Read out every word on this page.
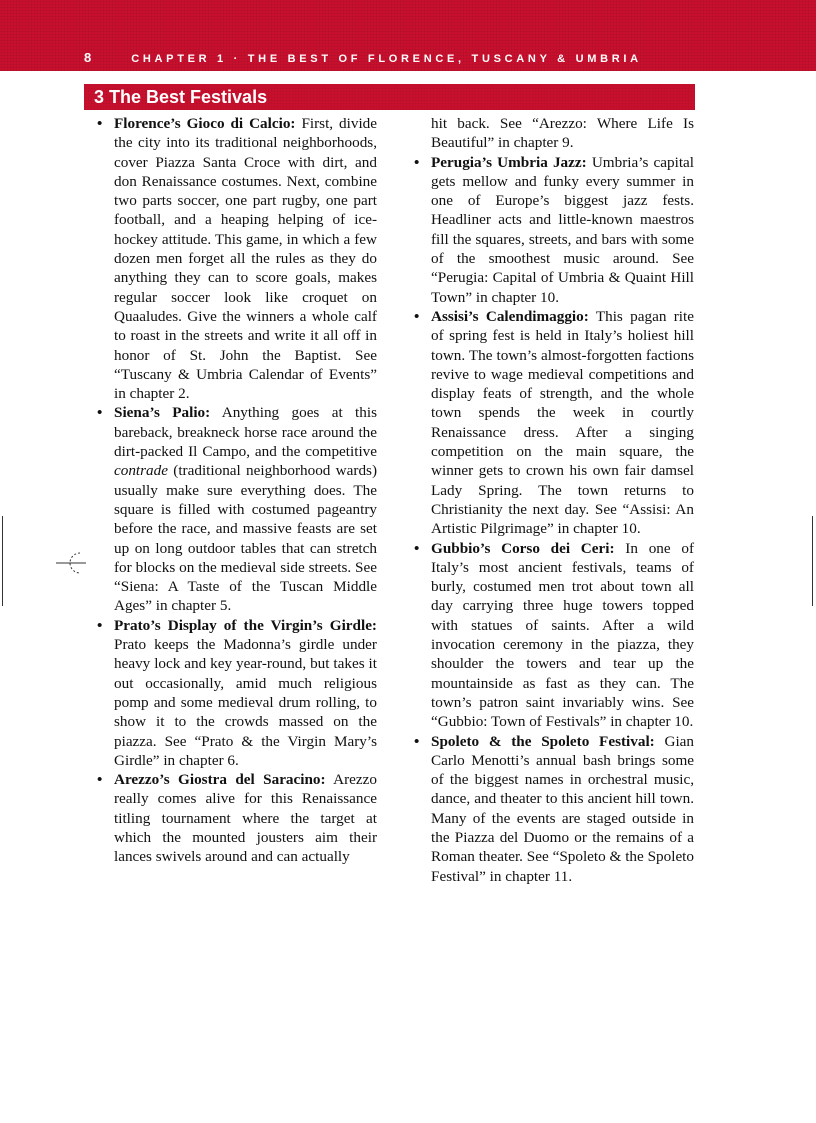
8	CHAPTER 1 · THE BEST OF FLORENCE, TUSCANY & UMBRIA
3 The Best Festivals
• Florence’s Gioco di Calcio: First, divide the city into its traditional neighborhoods, cover Piazza Santa Croce with dirt, and don Renaissance costumes. Next, combine two parts soccer, one part rugby, one part football, and a heaping helping of ice-hockey attitude. This game, in which a few dozen men forget all the rules as they do anything they can to score goals, makes regular soccer look like croquet on Quaaludes. Give the winners a whole calf to roast in the streets and write it all off in honor of St. John the Baptist. See “Tuscany & Umbria Calendar of Events” in chapter 2.
• Siena’s Palio: Anything goes at this bareback, breakneck horse race around the dirt-packed Il Campo, and the competitive contrade (traditional neighborhood wards) usually make sure everything does. The square is filled with costumed pageantry before the race, and massive feasts are set up on long outdoor tables that can stretch for blocks on the medieval side streets. See “Siena: A Taste of the Tuscan Middle Ages” in chapter 5.
• Prato’s Display of the Virgin’s Girdle: Prato keeps the Madonna’s girdle under heavy lock and key year-round, but takes it out occasionally, amid much religious pomp and some medieval drum rolling, to show it to the crowds massed on the piazza. See “Prato & the Virgin Mary’s Girdle” in chapter 6.
• Arezzo’s Giostra del Saracino: Arezzo really comes alive for this Renaissance titling tournament where the target at which the mounted jousters aim their lances swivels around and can actually
hit back. See “Arezzo: Where Life Is Beautiful” in chapter 9.
• Perugia’s Umbria Jazz: Umbria’s capital gets mellow and funky every summer in one of Europe’s biggest jazz fests. Headliner acts and little-known maestros fill the squares, streets, and bars with some of the smoothest music around. See “Perugia: Capital of Umbria & Quaint Hill Town” in chapter 10.
• Assisi’s Calendimaggio: This pagan rite of spring fest is held in Italy’s holiest hill town. The town’s almost-forgotten factions revive to wage medieval competitions and display feats of strength, and the whole town spends the week in courtly Renaissance dress. After a singing competition on the main square, the winner gets to crown his own fair damsel Lady Spring. The town returns to Christianity the next day. See “Assisi: An Artistic Pilgrimage” in chapter 10.
• Gubbio’s Corso dei Ceri: In one of Italy’s most ancient festivals, teams of burly, costumed men trot about town all day carrying three huge towers topped with statues of saints. After a wild invocation ceremony in the piazza, they shoulder the towers and tear up the mountainside as fast as they can. The town’s patron saint invariably wins. See “Gubbio: Town of Festivals” in chapter 10.
• Spoleto & the Spoleto Festival: Gian Carlo Menotti’s annual bash brings some of the biggest names in orchestral music, dance, and theater to this ancient hill town. Many of the events are staged outside in the Piazza del Duomo or the remains of a Roman theater. See “Spoleto & the Spoleto Festival” in chapter 11.
